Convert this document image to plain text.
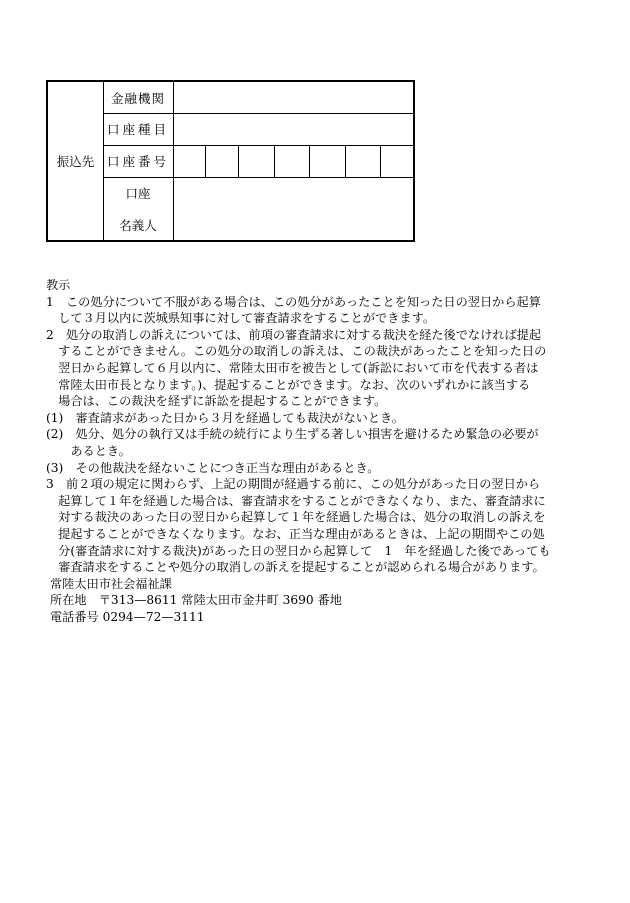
振込先
金融機関
口座種目
口座番号
口座
名義人
教示
1　この処分について不服がある場合は、この処分があったことを知った日の翌日から起算
　して３月以内に茨城県知事に対して審査請求をすることができます。
2　処分の取消しの訴えについては、前項の審査請求に対する裁決を経た後でなければ提起
　することができません。この処分の取消しの訴えは、この裁決があったことを知った日の
　翌日から起算して６月以内に、常陸太田市を被告として(訴訟において市を代表する者は
　常陸太田市長となります。)、提起することができます。なお、次のいずれかに該当する
　場合は、この裁決を経ずに訴訟を提起することができます。
(1)　審査請求があった日から３月を経過しても裁決がないとき。
(2)　処分、処分の執行又は手続の続行により生ずる著しい損害を避けるため緊急の必要が
　　あるとき。
(3)　その他裁決を経ないことにつき正当な理由があるとき。
3　前２項の規定に関わらず、上記の期間が経過する前に、この処分があった日の翌日から
　起算して１年を経過した場合は、審査請求をすることができなくなり、また、審査請求に
　対する裁決のあった日の翌日から起算して１年を経過した場合は、処分の取消しの訴えを
　提起することができなくなります。なお、正当な理由があるときは、上記の期間やこの処
　分(審査請求に対する裁決)があった日の翌日から起算して　1　年を経過した後であっても
　審査請求をすることや処分の取消しの訴えを提起することが認められる場合があります。
常陸太田市社会福祉課
所在地　〒313—8611 常陸太田市金井町 3690 番地
電話番号 0294—72—3111
